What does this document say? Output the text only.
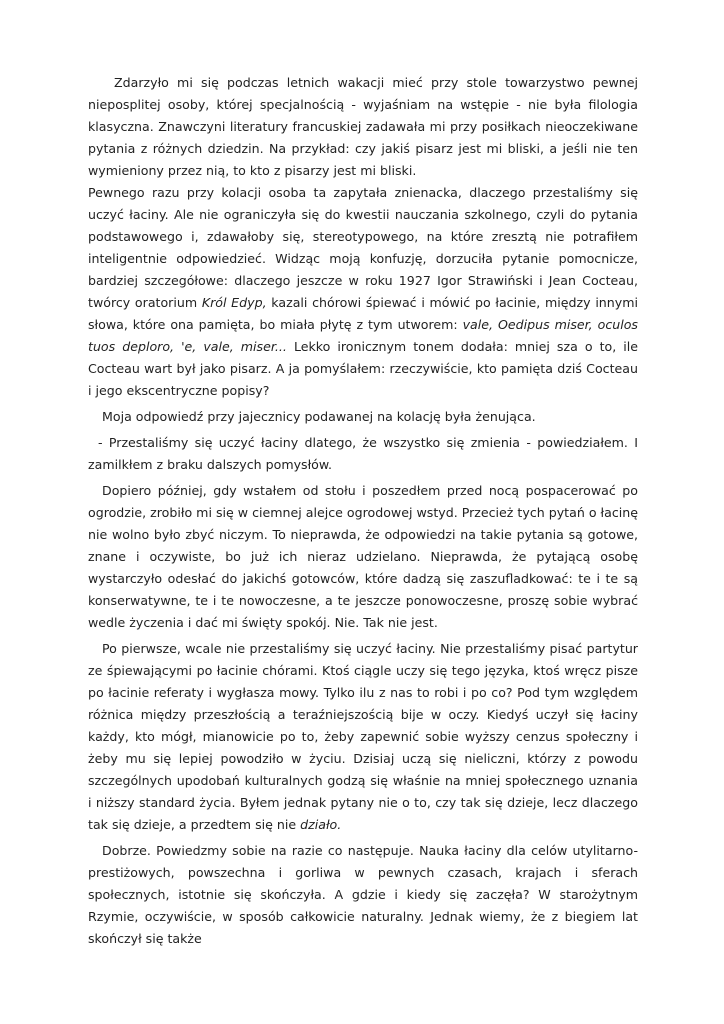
Zdarzyło mi się podczas letnich wakacji mieć przy stole towarzystwo pewnej nieposplitej osoby, której specjalnością - wyjaśniam na wstępie - nie była filologia klasyczna. Znawczyni literatury francuskiej zadawała mi przy posiłkach nieoczekiwane pytania z różnych dziedzin. Na przykład: czy jakiś pisarz jest mi bliski, a jeśli nie ten wymieniony przez nią, to kto z pisarzy jest mi bliski.

Pewnego razu przy kolacji osoba ta zapytała znienacka, dlaczego przestaliśmy się uczyć łaciny. Ale nie ograniczyła się do kwestii nauczania szkolnego, czyli do pytania podstawowego i, zdawałoby się, stereotypowego, na które zresztą nie potrafiłem inteligentnie odpowiedzieć. Widząc moją konfuzję, dorzuciła pytanie pomocnicze, bardziej szczegółowe: dlaczego jeszcze w roku 1927 Igor Strawiński i Jean Cocteau, twórcy oratorium Król Edyp, kazali chórowi śpiewać i mówić po łacinie, między innymi słowa, które ona pamięta, bo miała płytę z tym utworem: vale, Oedipus miser, oculos tuos deploro, 'e, vale, miser... Lekko ironicznym tonem dodała: mniej sza o to, ile Cocteau wart był jako pisarz. A ja pomyślałem: rzeczywiście, kto pamięta dziś Cocteau i jego ekscentryczne popisy?

Moja odpowiedź przy jajecznicy podawanej na kolację była żenująca.

- Przestaliśmy się uczyć łaciny dlatego, że wszystko się zmienia - powiedziałem. I zamilkłem z braku dalszych pomysłów.

Dopiero później, gdy wstałem od stołu i poszedłem przed nocą pospacerować po ogrodzie, zrobiło mi się w ciemnej alejce ogrodowej wstyd. Przecież tych pytań o łacinę nie wolno było zbyć niczym. To nieprawda, że odpowiedzi na takie pytania są gotowe, znane i oczywiste, bo już ich nieraz udzielano. Nieprawda, że pytającą osobę wystarczyło odesłać do jakichś gotowców, które dadzą się zaszufladkować: te i te są konserwatywne, te i te nowoczesne, a te jeszcze ponowoczesne, proszę sobie wybrać wedle życzenia i dać mi święty spokój. Nie. Tak nie jest.

Po pierwsze, wcale nie przestaliśmy się uczyć łaciny. Nie przestaliśmy pisać partytur ze śpiewającymi po łacinie chórami. Ktoś ciągle uczy się tego języka, ktoś wręcz pisze po łacinie referaty i wygłasza mowy. Tylko ilu z nas to robi i po co? Pod tym względem różnica między przeszłością a teraźniejszością bije w oczy. Kiedyś uczył się łaciny każdy, kto mógł, mianowicie po to, żeby zapewnić sobie wyższy cenzus społeczny i żeby mu się lepiej powodziło w życiu. Dzisiaj uczą się nieliczni, którzy z powodu szczególnych upodobań kulturalnych godzą się właśnie na mniej społecznego uznania i niższy standard życia. Byłem jednak pytany nie o to, czy tak się dzieje, lecz dlaczego tak się dzieje, a przedtem się nie działo.

Dobrze. Powiedzmy sobie na razie co następuje. Nauka łaciny dla celów utylitarno-prestiżowych, powszechna i gorliwa w pewnych czasach, krajach i sferach społecznych, istotnie się skończyła. A gdzie i kiedy się zaczęła? W starożytnym Rzymie, oczywiście, w sposób całkowicie naturalny. Jednak wiemy, że z biegiem lat skończył się także
